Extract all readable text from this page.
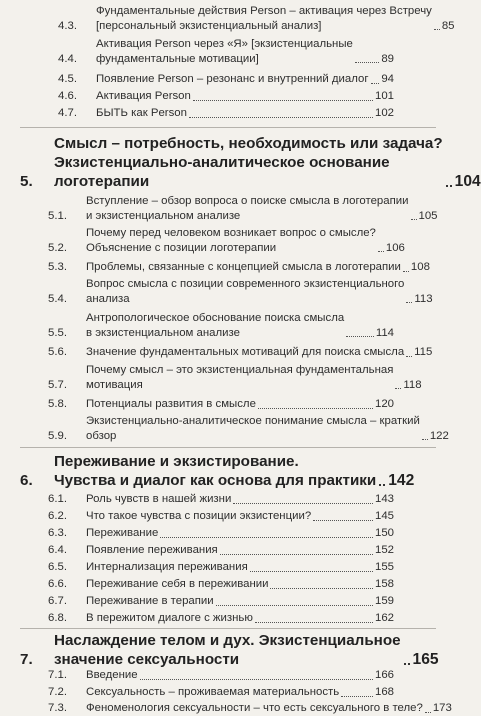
4.3.
Фундаментальные действия Person – активация через Встречу
[персональный экзистенциальный анализ]	85
4.4.
Активация Person через «Я» [экзистенциальные
фундаментальные мотивации]	89
4.5.	Появление Person – резонанс и внутренний диалог 94
4.6.	Активация Person	101
4.7.	БЫТЬ как Person	102
5.
Смысл – потребность, необходимость или задача?
Экзистенциально-аналитическое основание
логотерапии	104
5.1.
Вступление – обзор вопроса о поиске смысла в логотерапии
и экзистенциальном анализе	105
5.2.
Почему перед человеком возникает вопрос о смысле?
Объяснение с позиции логотерапии	106
5.3.	Проблемы, связанные с концепцией смысла в логотерапии 108
5.4.
Вопрос смысла с позиции современного экзистенциального
анализа	113
5.5.
Антропологическое обоснование поиска смысла
в экзистенциальном анализе	114
5.6.	Значение фундаментальных мотиваций для поиска смысла 115
5.7.
Почему смысл – это экзистенциальная фундаментальная
мотивация	118
5.8.	Потенциалы развития в смысле	120
5.9.
Экзистенциально-аналитическое понимание смысла – краткий
обзор	122
6.
Переживание и экзистирование.
Чувства и диалог как основа для практики 142
6.1.	Роль чувств в нашей жизни	143
6.2.	Что такое чувства с позиции экзистенции?	145
6.3.	Переживание	150
6.4.	Появление переживания	152
6.5.	Интернализация переживания	155
6.6.	Переживание себя в переживании	158
6.7.	Переживание в терапии	159
6.8.	В пережитом диалоге с жизнью	162
7.
Наслаждение телом и дух. Экзистенциальное
значение сексуальности	165
7.1.	Введение	166
7.2.	Сексуальность – проживаемая материальность	168
7.3.	Феноменология сексуальности – что есть сексуального в теле? 173
